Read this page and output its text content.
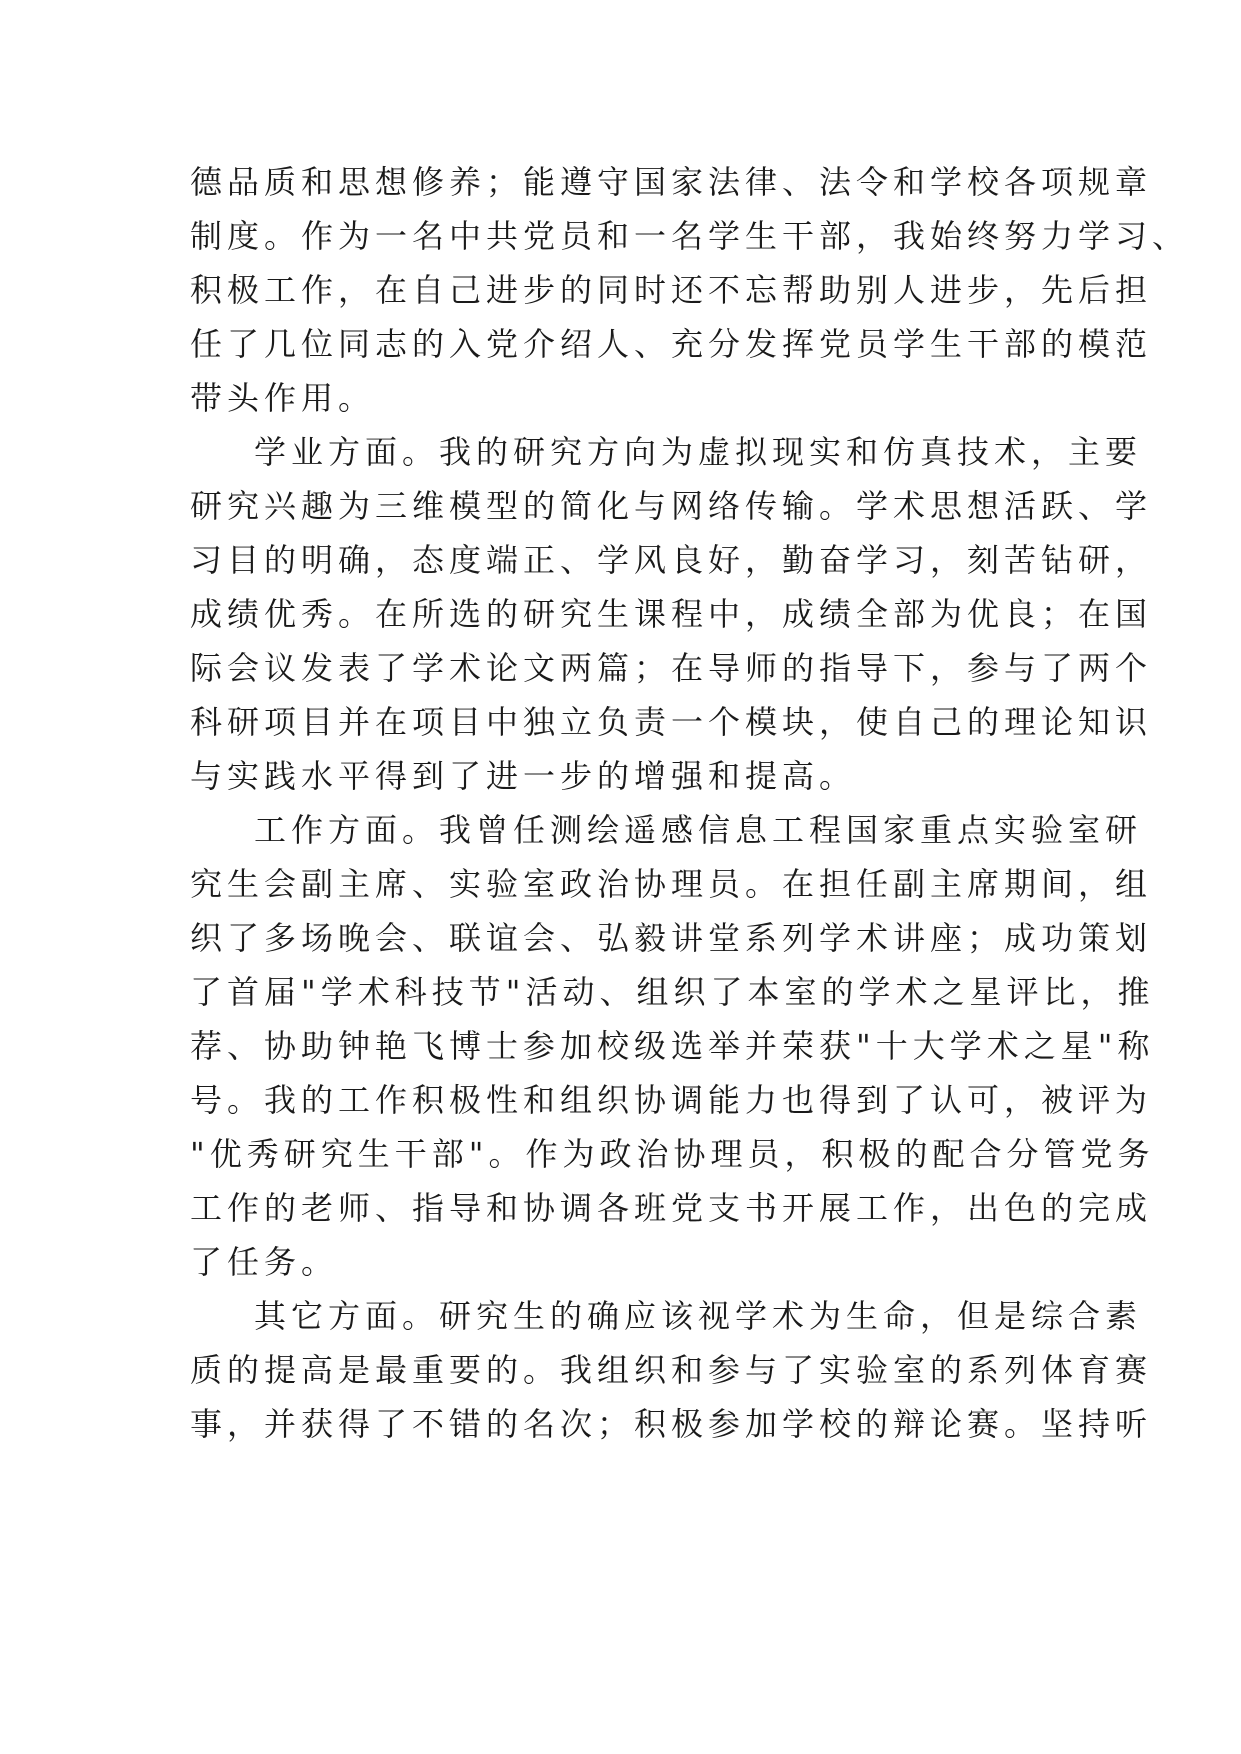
德品质和思想修养；能遵守国家法律、法令和学校各项规章
制度。作为一名中共党员和一名学生干部，我始终努力学习、
积极工作，在自己进步的同时还不忘帮助别人进步，先后担
任了几位同志的入党介绍人、充分发挥党员学生干部的模范
带头作用。
学业方面。我的研究方向为虚拟现实和仿真技术，主要
研究兴趣为三维模型的简化与网络传输。学术思想活跃、学
习目的明确，态度端正、学风良好，勤奋学习，刻苦钻研，
成绩优秀。在所选的研究生课程中，成绩全部为优良；在国
际会议发表了学术论文两篇；在导师的指导下，参与了两个
科研项目并在项目中独立负责一个模块，使自己的理论知识
与实践水平得到了进一步的增强和提高。
工作方面。我曾任测绘遥感信息工程国家重点实验室研
究生会副主席、实验室政治协理员。在担任副主席期间，组
织了多场晚会、联谊会、弘毅讲堂系列学术讲座；成功策划
了首届"学术科技节"活动、组织了本室的学术之星评比，推
荐、协助钟艳飞博士参加校级选举并荣获"十大学术之星"称
号。我的工作积极性和组织协调能力也得到了认可，被评为
"优秀研究生干部"。作为政治协理员，积极的配合分管党务
工作的老师、指导和协调各班党支书开展工作，出色的完成
了任务。
其它方面。研究生的确应该视学术为生命，但是综合素
质的提高是最重要的。我组织和参与了实验室的系列体育赛
事，并获得了不错的名次；积极参加学校的辩论赛。坚持听
